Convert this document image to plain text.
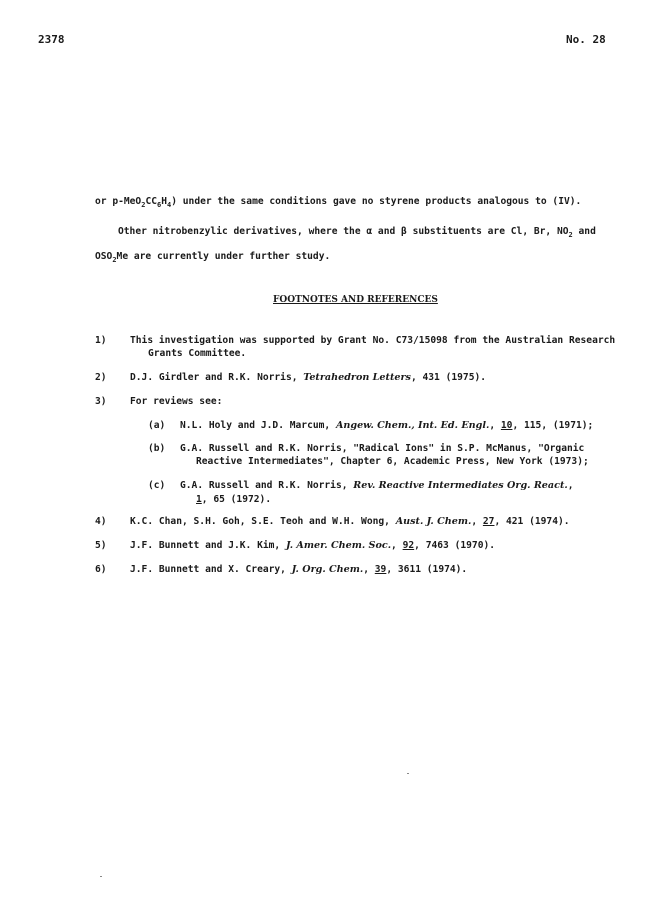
2378	No. 28
or $p-MeO_2CC_6H_4$) under the same conditions gave no styrene products analogous to (IV).
Other nitrobenzylic derivatives, where the α and β substituents are Cl, Br, $NO_2$ and
$OSO_2Me$ are currently under further study.
FOOTNOTES AND REFERENCES
1) This investigation was supported by Grant No. C73/15098 from the Australian Research
Grants Committee.
2) D.J. Girdler and R.K. Norris, Tetrahedron Letters, 431 (1975).
3) For reviews see:
(a) N.L. Holy and J.D. Marcum, Angew. Chem., Int. Ed. Engl., 10, 115, (1971);
(b) G.A. Russell and R.K. Norris, "Radical Ions" in S.P. McManus, "Organic
Reactive Intermediates", Chapter 6, Academic Press, New York (1973);
(c) G.A. Russell and R.K. Norris, Rev. Reactive Intermediates Org. React.,
1, 65 (1972).
4) K.C. Chan, S.H. Goh, S.E. Teoh and W.H. Wong, Aust. J. Chem., 27, 421 (1974).
5) J.F. Bunnett and J.K. Kim, J. Amer. Chem. Soc., 92, 7463 (1970).
6) J.F. Bunnett and X. Creary, J. Org. Chem., 39, 3611 (1974).
